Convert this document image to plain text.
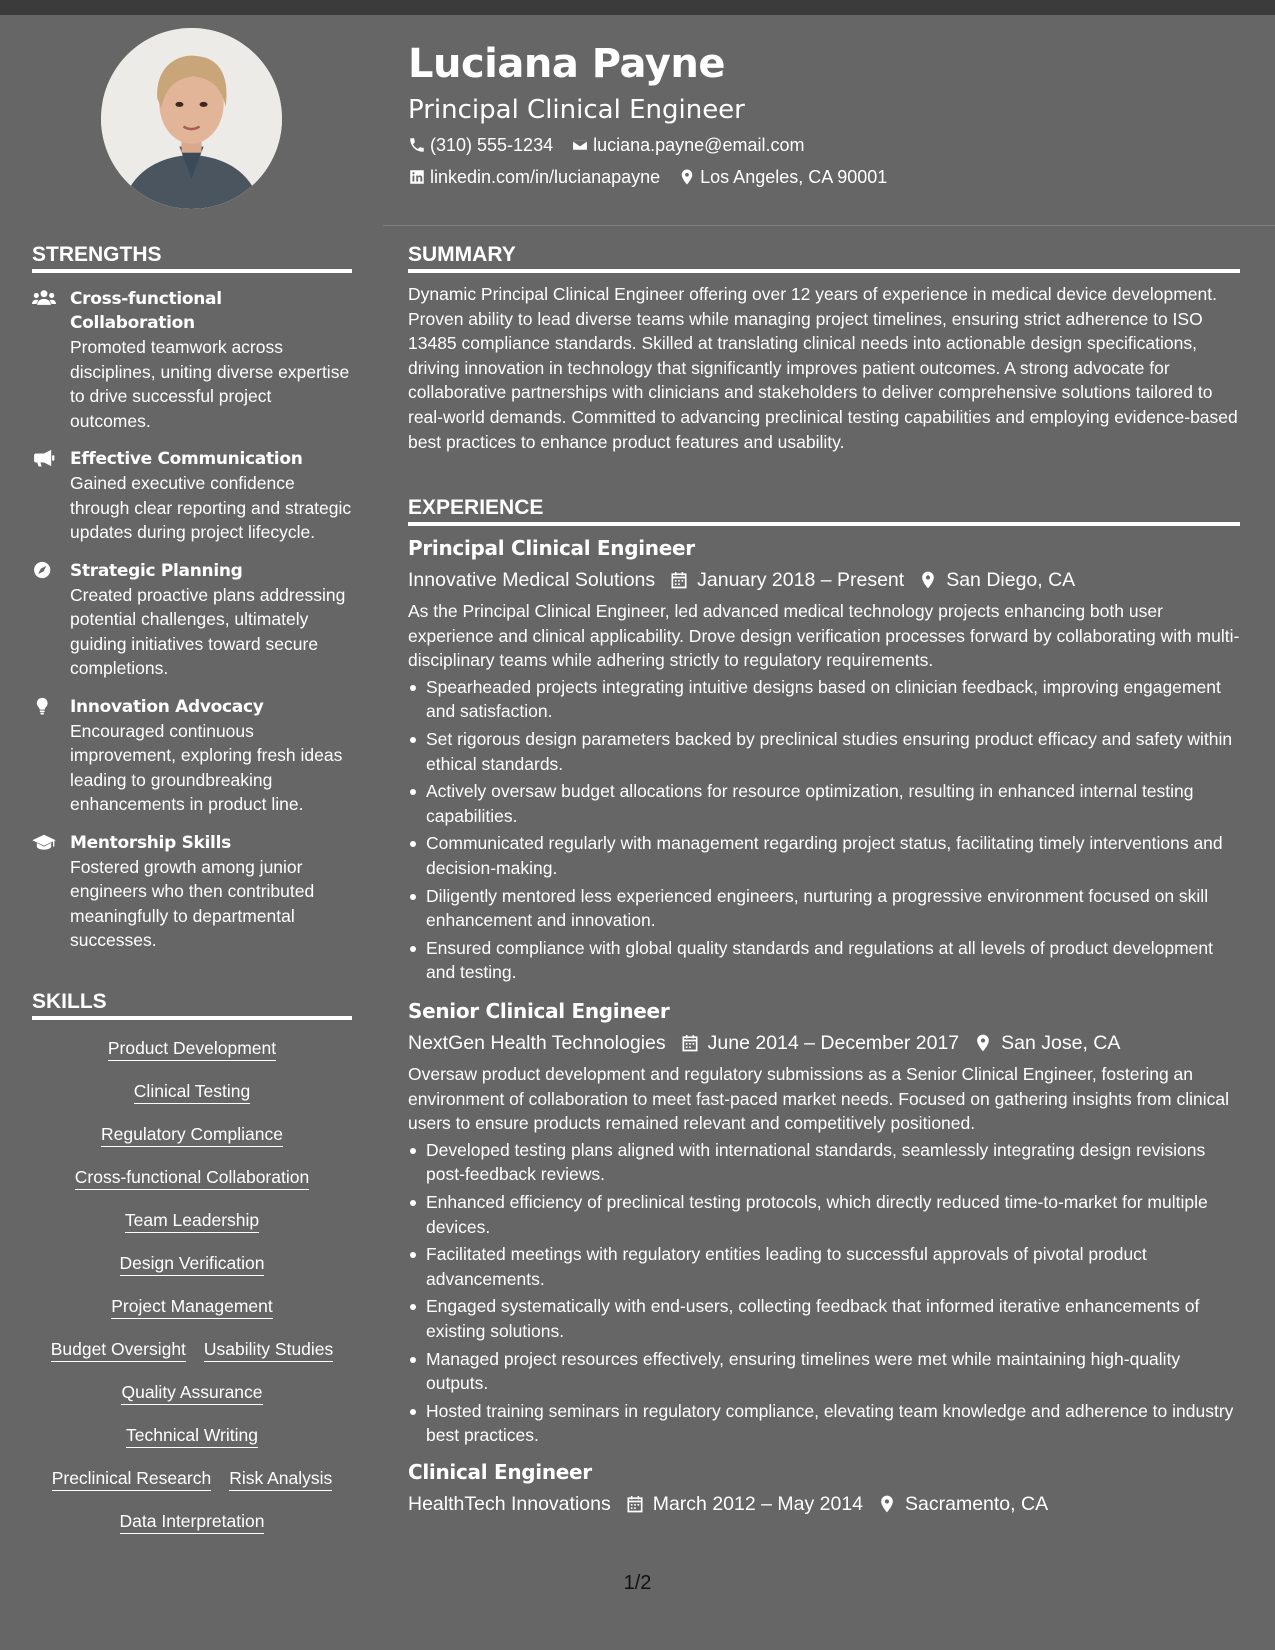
Luciana Payne
Principal Clinical Engineer
(310) 555-1234 luciana.payne@email.com
linkedin.com/in/lucianapayne Los Angeles, CA 90001
STRENGTHS
Cross-functional Collaboration
Promoted teamwork across disciplines, uniting diverse expertise to drive successful project outcomes.
Effective Communication
Gained executive confidence through clear reporting and strategic updates during project lifecycle.
Strategic Planning
Created proactive plans addressing potential challenges, ultimately guiding initiatives toward secure completions.
Innovation Advocacy
Encouraged continuous improvement, exploring fresh ideas leading to groundbreaking enhancements in product line.
Mentorship Skills
Fostered growth among junior engineers who then contributed meaningfully to departmental successes.
SKILLS
Product Development
Clinical Testing
Regulatory Compliance
Cross-functional Collaboration
Team Leadership
Design Verification
Project Management
Budget Oversight Usability Studies
Quality Assurance
Technical Writing
Preclinical Research Risk Analysis
Data Interpretation
SUMMARY
Dynamic Principal Clinical Engineer offering over 12 years of experience in medical device development. Proven ability to lead diverse teams while managing project timelines, ensuring strict adherence to ISO 13485 compliance standards. Skilled at translating clinical needs into actionable design specifications, driving innovation in technology that significantly improves patient outcomes. A strong advocate for collaborative partnerships with clinicians and stakeholders to deliver comprehensive solutions tailored to real-world demands. Committed to advancing preclinical testing capabilities and employing evidence-based best practices to enhance product features and usability.
EXPERIENCE
Principal Clinical Engineer
Innovative Medical Solutions January 2018 – Present San Diego, CA
As the Principal Clinical Engineer, led advanced medical technology projects enhancing both user experience and clinical applicability. Drove design verification processes forward by collaborating with multi-disciplinary teams while adhering strictly to regulatory requirements.
Spearheaded projects integrating intuitive designs based on clinician feedback, improving engagement and satisfaction.
Set rigorous design parameters backed by preclinical studies ensuring product efficacy and safety within ethical standards.
Actively oversaw budget allocations for resource optimization, resulting in enhanced internal testing capabilities.
Communicated regularly with management regarding project status, facilitating timely interventions and decision-making.
Diligently mentored less experienced engineers, nurturing a progressive environment focused on skill enhancement and innovation.
Ensured compliance with global quality standards and regulations at all levels of product development and testing.
Senior Clinical Engineer
NextGen Health Technologies June 2014 – December 2017 San Jose, CA
Oversaw product development and regulatory submissions as a Senior Clinical Engineer, fostering an environment of collaboration to meet fast-paced market needs. Focused on gathering insights from clinical users to ensure products remained relevant and competitively positioned.
Developed testing plans aligned with international standards, seamlessly integrating design revisions post-feedback reviews.
Enhanced efficiency of preclinical testing protocols, which directly reduced time-to-market for multiple devices.
Facilitated meetings with regulatory entities leading to successful approvals of pivotal product advancements.
Engaged systematically with end-users, collecting feedback that informed iterative enhancements of existing solutions.
Managed project resources effectively, ensuring timelines were met while maintaining high-quality outputs.
Hosted training seminars in regulatory compliance, elevating team knowledge and adherence to industry best practices.
Clinical Engineer
HealthTech Innovations March 2012 – May 2014 Sacramento, CA
1/2
